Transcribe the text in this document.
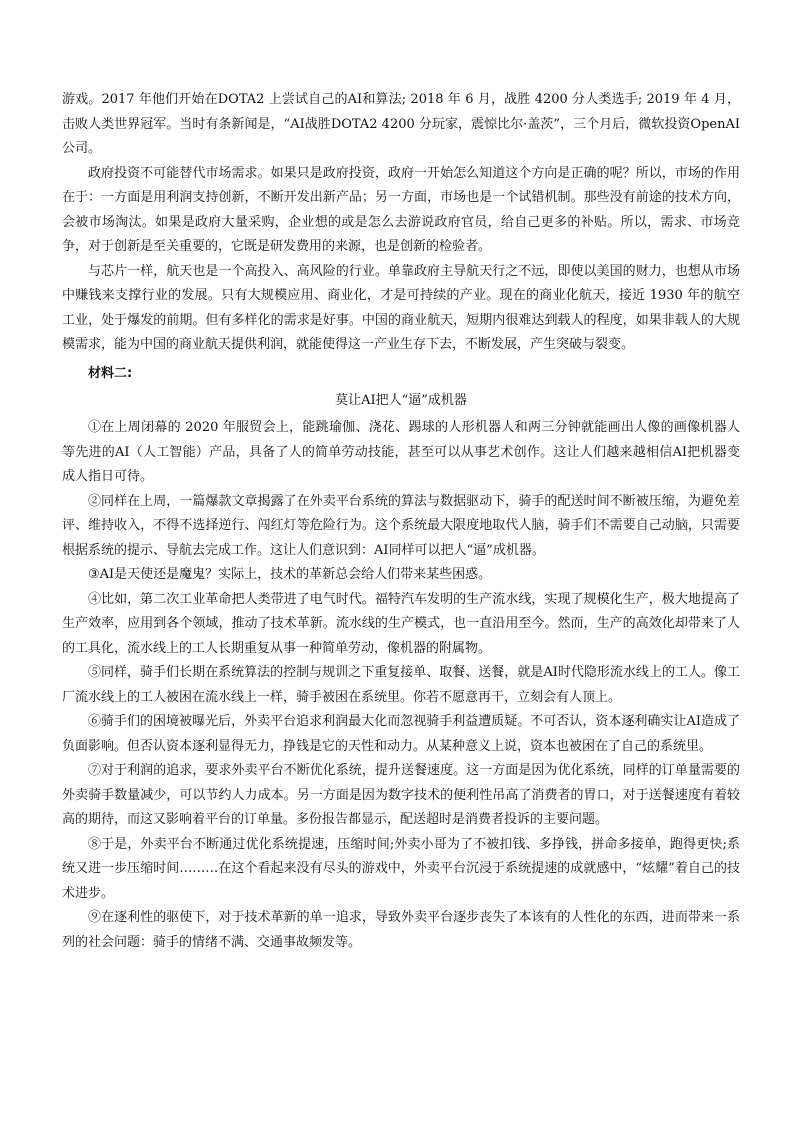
游戏。2017 年他们开始在DOTA2 上尝试自己的AI和算法; 2018 年 6 月，战胜 4200 分人类选手; 2019 年 4 月，击败人类世界冠军。当时有条新闻是，“AI战胜DOTA2 4200 分玩家，震惊比尔·盖茨”，三个月后，微软投资OpenAI 公司。

政府投资不可能替代市场需求。如果只是政府投资，政府一开始怎么知道这个方向是正确的呢？所以，市场的作用在于：一方面是用利润支持创新，不断开发出新产品；另一方面，市场也是一个试错机制。那些没有前途的技术方向，会被市场淘汰。如果是政府大量采购，企业想的或是怎么去游说政府官员，给自己更多的补贴。所以，需求、市场竞争，对于创新是至关重要的，它既是研发费用的来源，也是创新的检验者。

与芯片一样，航天也是一个高投入、高风险的行业。单靠政府主导航天行之不远，即使以美国的财力，也想从市场中赚钱来支撑行业的发展。只有大规模应用、商业化，才是可持续的产业。现在的商业化航天，接近 1930 年的航空工业，处于爆发的前期。但有多样化的需求是好事。中国的商业航天，短期内很难达到载人的程度，如果非载人的大规模需求，能为中国的商业航天提供利润，就能使得这一产业生存下去，不断发展，产生突破与裂变。

材料二:

莫让AI把人“逼”成机器

①在上周闭幕的 2020 年服贸会上，能跳瑜伽、浇花、踢球的人形机器人和两三分钟就能画出人像的画像机器人等先进的AI（人工智能）产品，具备了人的简单劳动技能，甚至可以从事艺术创作。这让人们越来越相信AI把机器变成人指日可待。

②同样在上周，一篇爆款文章揭露了在外卖平台系统的算法与数据驱动下，骑手的配送时间不断被压缩，为避免差评、维持收入，不得不选择逆行、闯红灯等危险行为。这个系统最大限度地取代人脑，骑手们不需要自己动脑，只需要根据系统的提示、导航去完成工作。这让人们意识到：AI同样可以把人“逼”成机器。

③AI是天使还是魔鬼？实际上，技术的革新总会给人们带来某些困惑。

④比如，第二次工业革命把人类带进了电气时代。福特汽车发明的生产流水线，实现了规模化生产，极大地提高了生产效率，应用到各个领域，推动了技术革新。流水线的生产模式，也一直沿用至今。然而，生产的高效化却带来了人的工具化，流水线上的工人长期重复从事一种简单劳动，像机器的附属物。

⑤同样，骑手们长期在系统算法的控制与规训之下重复接单、取餐、送餐，就是AI时代隐形流水线上的工人。像工厂流水线上的工人被困在流水线上一样，骑手被困在系统里。你若不愿意再干，立刻会有人顶上。

⑥骑手们的困境被曝光后，外卖平台追求利润最大化而忽视骑手利益遭质疑。不可否认，资本逐利确实让AI造成了负面影响。但否认资本逐利显得无力，挣钱是它的天性和动力。从某种意义上说，资本也被困在了自己的系统里。

⑦对于利润的追求，要求外卖平台不断优化系统，提升送餐速度。这一方面是因为优化系统，同样的订单量需要的外卖骑手数量减少，可以节约人力成本。另一方面是因为数字技术的便利性吊高了消费者的胃口，对于送餐速度有着较高的期待，而这又影响着平台的订单量。多份报告都显示，配送超时是消费者投诉的主要问题。

⑧于是，外卖平台不断通过优化系统提速，压缩时间;外卖小哥为了不被扣钱、多挣钱，拼命多接单，跑得更快;系统又进一步压缩时间………在这个看起来没有尽头的游戏中，外卖平台沉浸于系统提速的成就感中，“炫耀”着自己的技术进步。

⑨在逐利性的驱使下，对于技术革新的单一追求，导致外卖平台逐步丧失了本该有的人性化的东西，进而带来一系列的社会问题：骑手的情绪不满、交通事故频发等。
